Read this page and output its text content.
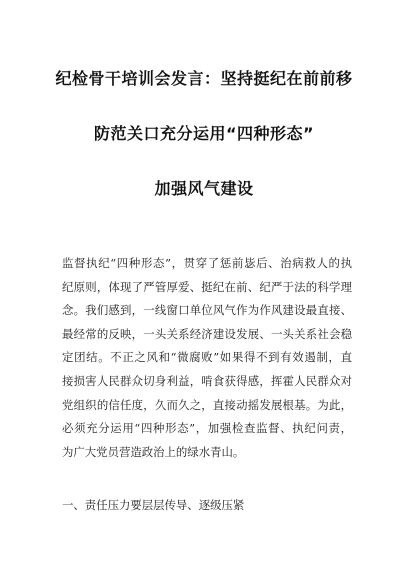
纪检骨干培训会发言：坚持挺纪在前前移
防范关口充分运用“四种形态”
加强风气建设
监督执纪“四种形态”，贯穿了惩前毖后、治病救人的执
纪原则，体现了严管厚爱、挺纪在前、纪严于法的科学理
念。我们感到，一线窗口单位风气作为作风建设最直接、
最经常的反映，一头关系经济建设发展、一头关系社会稳
定团结。不正之风和“微腐败”如果得不到有效遏制，直
接损害人民群众切身利益，啃食获得感，挥霍人民群众对
党组织的信任度，久而久之，直接动摇发展根基。为此，
必须充分运用“四种形态”，加强检查监督、执纪问责，
为广大党员营造政治上的绿水青山。
一、责任压力要层层传导、逐级压紧
